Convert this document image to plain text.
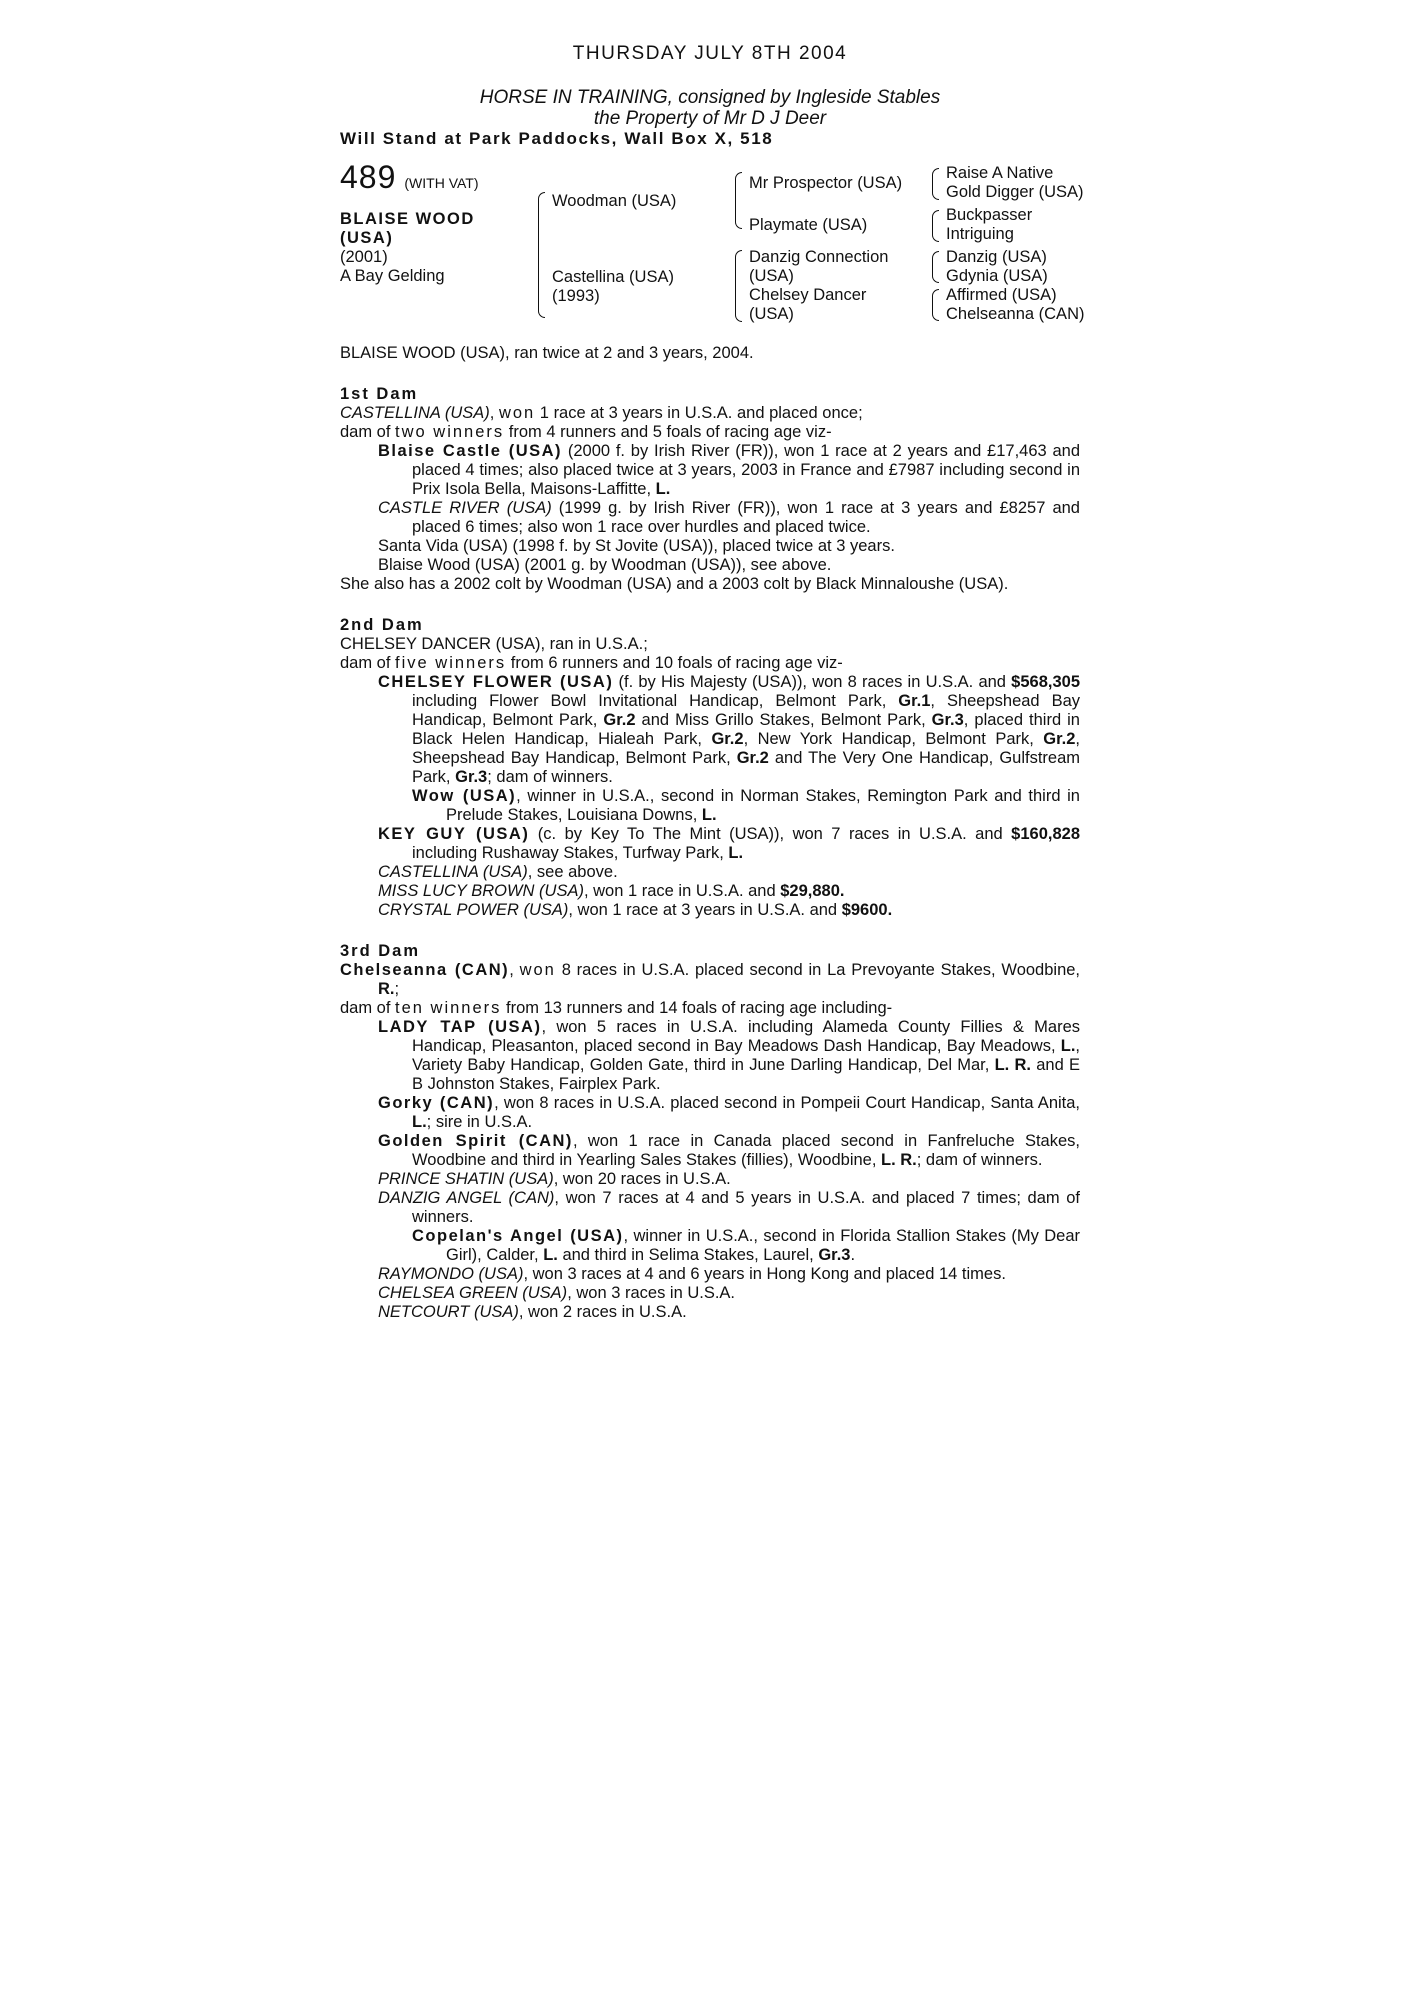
THURSDAY JULY 8TH 2004
HORSE IN TRAINING, consigned by Ingleside Stables
the Property of Mr D J Deer
Will Stand at Park Paddocks, Wall Box X, 518
489 (WITH VAT)
BLAISE WOOD
(USA)
(2001)
A Bay Gelding
Woodman (USA)
Castellina (USA)
(1993)
Mr Prospector (USA)
Playmate (USA)
Danzig Connection
(USA)
Chelsey Dancer
(USA)
Raise A Native
Gold Digger (USA)
Buckpasser
Intriguing
Danzig (USA)
Gdynia (USA)
Affirmed (USA)
Chelseanna (CAN)

BLAISE WOOD (USA), ran twice at 2 and 3 years, 2004.

1st Dam

CASTELLINA (USA), won 1 race at 3 years in U.S.A. and placed once;

dam of two winners from 4 runners and 5 foals of racing age viz-

Blaise Castle (USA) (2000 f. by Irish River (FR)), won 1 race at 2 years and £17,463 and placed 4 times; also placed twice at 3 years, 2003 in France and £7987 including second in Prix Isola Bella, Maisons-Laffitte, L.

CASTLE RIVER (USA) (1999 g. by Irish River (FR)), won 1 race at 3 years and £8257 and placed 6 times; also won 1 race over hurdles and placed twice.

Santa Vida (USA) (1998 f. by St Jovite (USA)), placed twice at 3 years.

Blaise Wood (USA) (2001 g. by Woodman (USA)), see above.

She also has a 2002 colt by Woodman (USA) and a 2003 colt by Black Minnaloushe (USA).

2nd Dam

CHELSEY DANCER (USA), ran in U.S.A.;

dam of five winners from 6 runners and 10 foals of racing age viz-

CHELSEY FLOWER (USA) (f. by His Majesty (USA)), won 8 races in U.S.A. and $568,305 including Flower Bowl Invitational Handicap, Belmont Park, Gr.1, Sheepshead Bay Handicap, Belmont Park, Gr.2 and Miss Grillo Stakes, Belmont Park, Gr.3, placed third in Black Helen Handicap, Hialeah Park, Gr.2, New York Handicap, Belmont Park, Gr.2, Sheepshead Bay Handicap, Belmont Park, Gr.2 and The Very One Handicap, Gulfstream Park, Gr.3; dam of winners.

Wow (USA), winner in U.S.A., second in Norman Stakes, Remington Park and third in Prelude Stakes, Louisiana Downs, L.

KEY GUY (USA) (c. by Key To The Mint (USA)), won 7 races in U.S.A. and $160,828 including Rushaway Stakes, Turfway Park, L.

CASTELLINA (USA), see above.

MISS LUCY BROWN (USA), won 1 race in U.S.A. and $29,880.

CRYSTAL POWER (USA), won 1 race at 3 years in U.S.A. and $9600.

3rd Dam

Chelseanna (CAN), won 8 races in U.S.A. placed second in La Prevoyante Stakes, Woodbine, R.;

dam of ten winners from 13 runners and 14 foals of racing age including-

LADY TAP (USA), won 5 races in U.S.A. including Alameda County Fillies & Mares Handicap, Pleasanton, placed second in Bay Meadows Dash Handicap, Bay Meadows, L., Variety Baby Handicap, Golden Gate, third in June Darling Handicap, Del Mar, L. R. and E B Johnston Stakes, Fairplex Park.

Gorky (CAN), won 8 races in U.S.A. placed second in Pompeii Court Handicap, Santa Anita, L.; sire in U.S.A.

Golden Spirit (CAN), won 1 race in Canada placed second in Fanfreluche Stakes, Woodbine and third in Yearling Sales Stakes (fillies), Woodbine, L. R.; dam of winners.

PRINCE SHATIN (USA), won 20 races in U.S.A.

DANZIG ANGEL (CAN), won 7 races at 4 and 5 years in U.S.A. and placed 7 times; dam of winners.

Copelan's Angel (USA), winner in U.S.A., second in Florida Stallion Stakes (My Dear Girl), Calder, L. and third in Selima Stakes, Laurel, Gr.3.

RAYMONDO (USA), won 3 races at 4 and 6 years in Hong Kong and placed 14 times.

CHELSEA GREEN (USA), won 3 races in U.S.A.

NETCOURT (USA), won 2 races in U.S.A.
